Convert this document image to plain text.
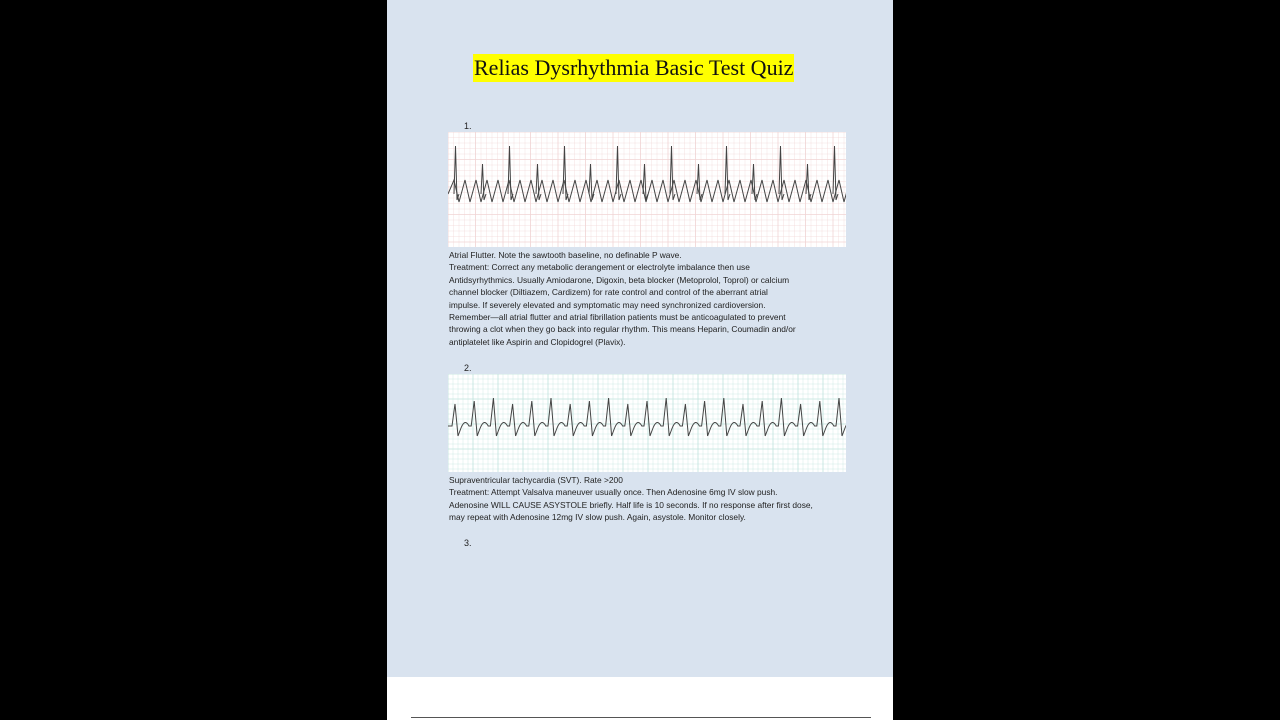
Relias Dysrhythmia Basic Test Quiz
1.

Atrial Flutter. Note the sawtooth baseline, no definable P wave.

Treatment: Correct any metabolic derangement or electrolyte imbalance then use

Antidsyrhythmics. Usually Amiodarone, Digoxin, beta blocker (Metoprolol, Toprol) or calcium

channel blocker (Diltiazem, Cardizem) for rate control and control of the aberrant atrial

impulse. If severely elevated and symptomatic may need synchronized cardioversion.

Remember—all atrial flutter and atrial fibrillation patients must be anticoagulated to prevent

throwing a clot when they go back into regular rhythm. This means Heparin, Coumadin and/or

antiplatelet like Aspirin and Clopidogrel (Plavix).

2.

Supraventricular tachycardia (SVT). Rate >200

Treatment: Attempt Valsalva maneuver usually once. Then Adenosine 6mg IV slow push.

Adenosine WILL CAUSE ASYSTOLE briefly. Half life is 10 seconds. If no response after first dose,

may repeat with Adenosine 12mg IV slow push. Again, asystole. Monitor closely.

3.
